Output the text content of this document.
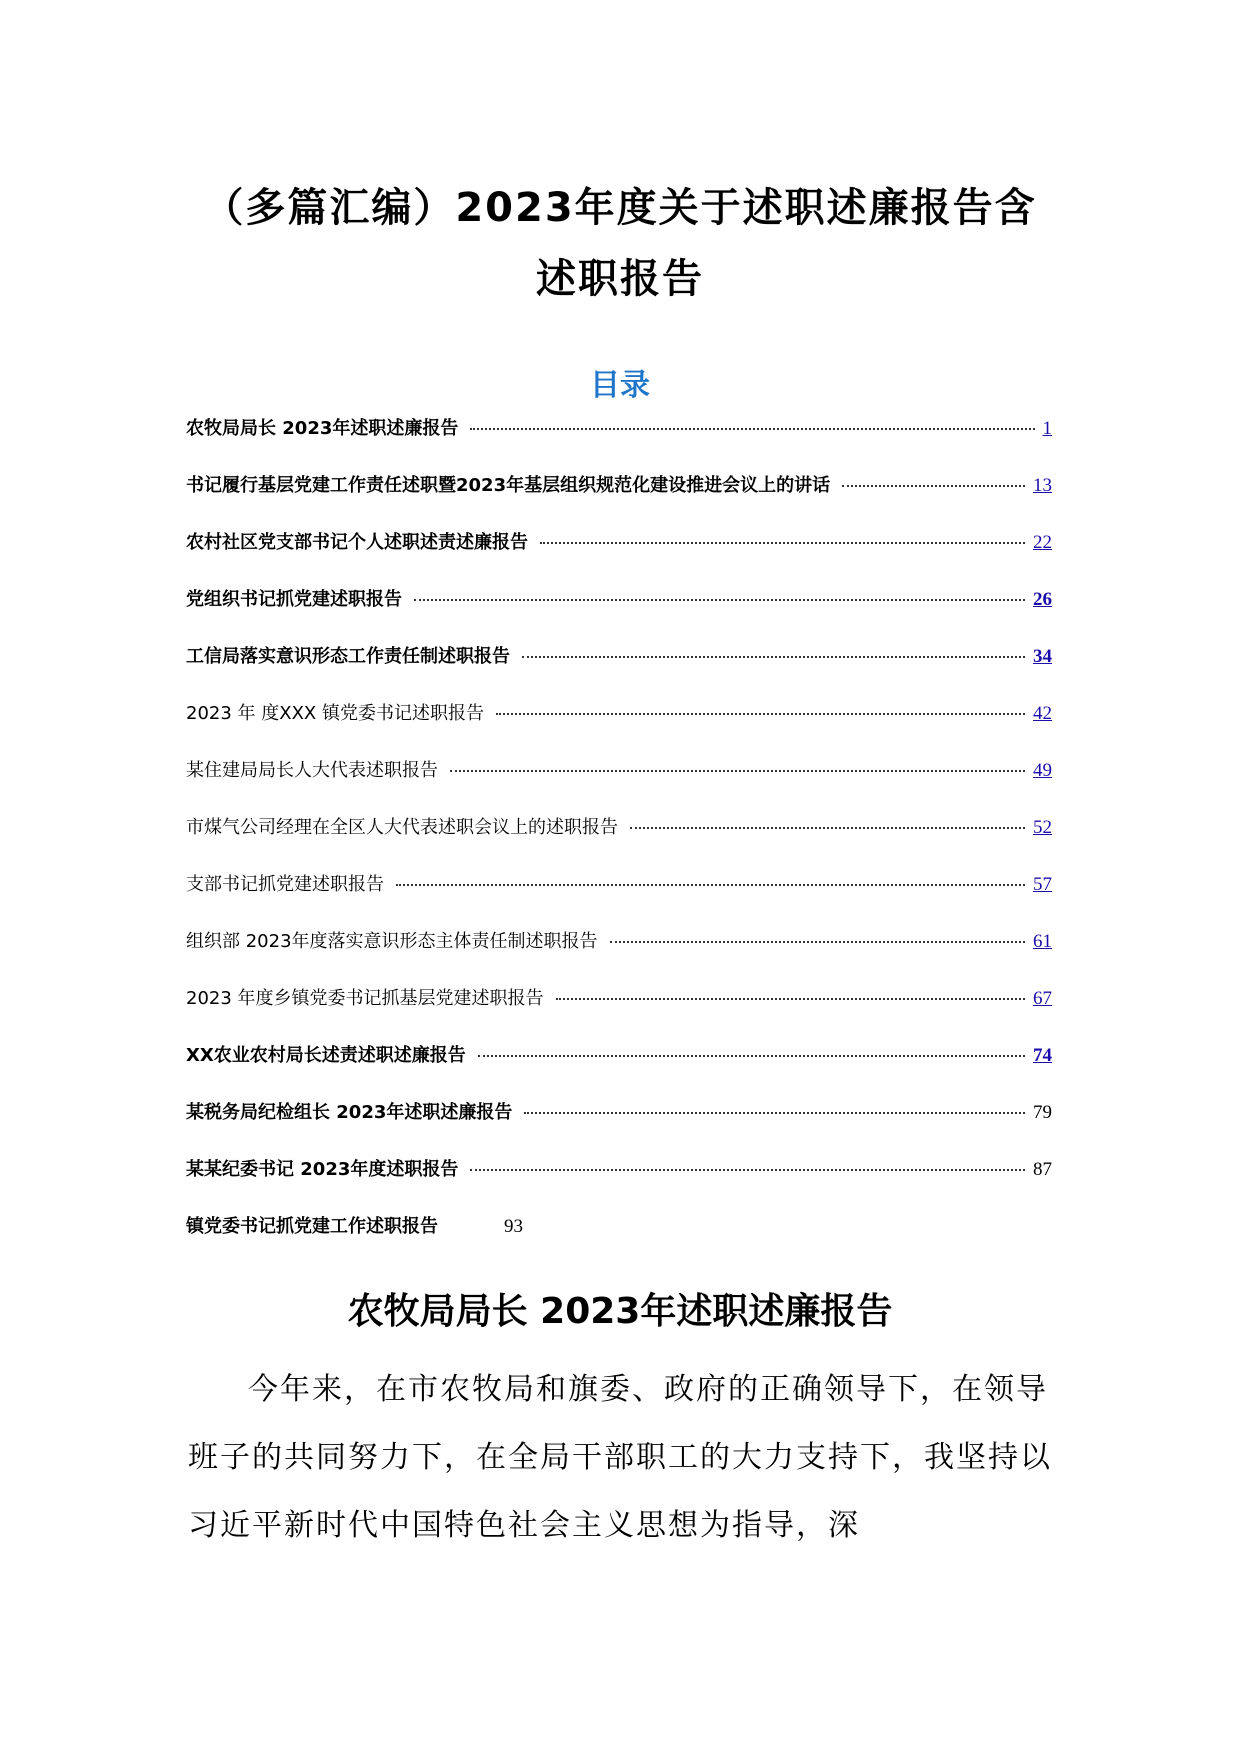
（多篇汇编）2023年度关于述职述廉报告含
述职报告
目录
农牧局局长 2023年述职述廉报告	1
书记履行基层党建工作责任述职暨2023年基层组织规范化建设推进会议上的讲话	13
农村社区党支部书记个人述职述责述廉报告	22
党组织书记抓党建述职报告	26
工信局落实意识形态工作责任制述职报告	34
2023 年 度XXX 镇党委书记述职报告	42
某住建局局长人大代表述职报告	49
市煤气公司经理在全区人大代表述职会议上的述职报告	52
支部书记抓党建述职报告	57
组织部 2023年度落实意识形态主体责任制述职报告	61
2023 年度乡镇党委书记抓基层党建述职报告	67
XX农业农村局长述责述职述廉报告	74
某税务局纪检组长 2023年述职述廉报告	79
某某纪委书记 2023年度述职报告	87
镇党委书记抓党建工作述职报告	93
农牧局局长 2023年述职述廉报告

今年来，在市农牧局和旗委、政府的正确领导下，在领导班子的共同努力下，在全局干部职工的大力支持下，我坚持以习近平新时代中国特色社会主义思想为指导，深
